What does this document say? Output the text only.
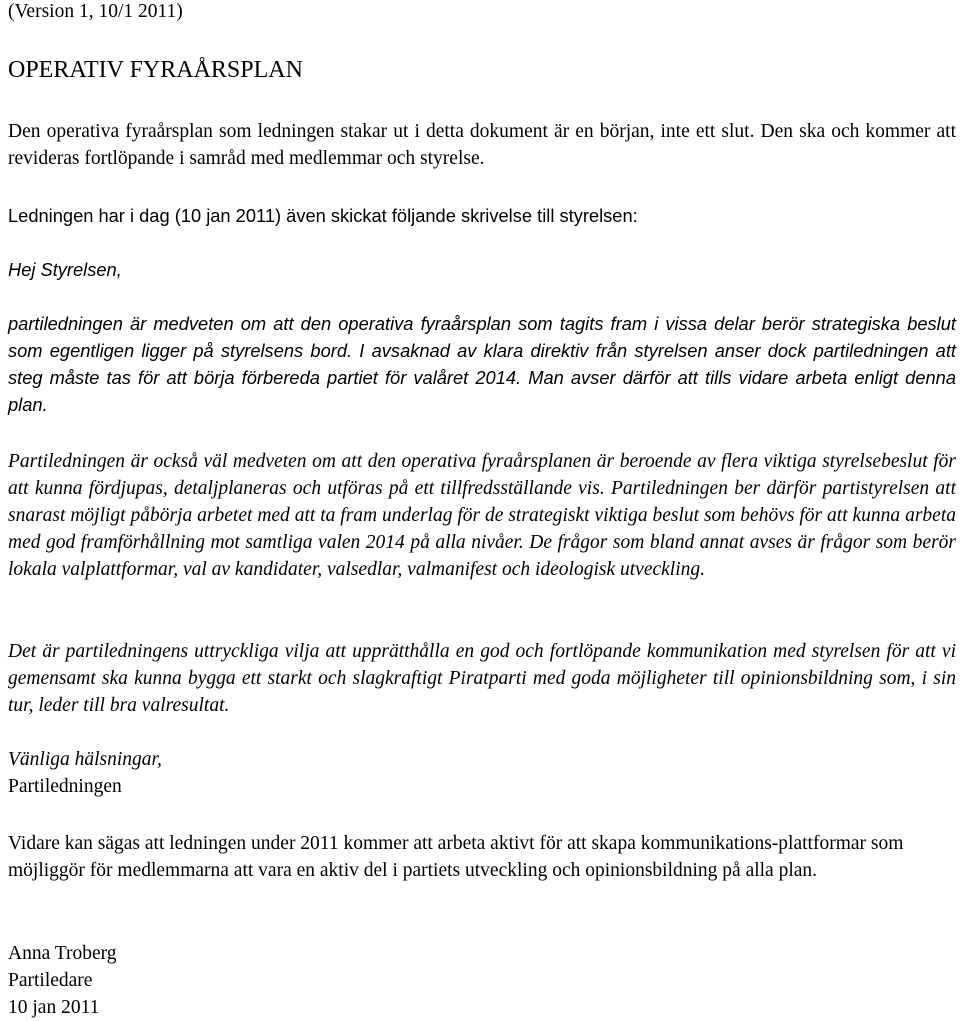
(Version 1, 10/1 2011)
OPERATIV FYRAÅRSPLAN

Den operativa fyraårsplan som ledningen stakar ut i detta dokument är en början, inte ett slut. Den ska och kommer att revideras fortlöpande i samråd med medlemmar och styrelse.

Ledningen har i dag (10 jan 2011) även skickat följande skrivelse till styrelsen:

Hej Styrelsen,

partiledningen är medveten om att den operativa fyraårsplan som tagits fram i vissa delar berör strategiska beslut som egentligen ligger på styrelsens bord. I avsaknad av klara direktiv från styrelsen anser dock partiledningen att steg måste tas för att börja förbereda partiet för valåret 2014. Man avser därför att tills vidare arbeta enligt denna plan.

Partiledningen är också väl medveten om att den operativa fyraårsplanen är beroende av flera viktiga styrelsebeslut för att kunna fördjupas, detaljplaneras och utföras på ett tillfredsställande vis. Partiledningen ber därför partistyrelsen att snarast möjligt påbörja arbetet med att ta fram underlag för de strategiskt viktiga beslut som behövs för att kunna arbeta med god framförhållning mot samtliga valen 2014 på alla nivåer. De frågor som bland annat avses är frågor som berör lokala valplattformar, val av kandidater, valsedlar, valmanifest och ideologisk utveckling.

Det är partiledningens uttryckliga vilja att upprätthålla en god och fortlöpande kommunikation med styrelsen för att vi gemensamt ska kunna bygga ett starkt och slagkraftigt Piratparti med goda möjligheter till opinionsbildning som, i sin tur, leder till bra valresultat.

Vänliga hälsningar,

Partiledningen

Vidare kan sägas att ledningen under 2011 kommer att arbeta aktivt för att skapa kommunikations-plattformar som möjliggör för medlemmarna att vara en aktiv del i partiets utveckling och opinionsbildning på alla plan.

Anna Troberg

Partiledare

10 jan 2011
